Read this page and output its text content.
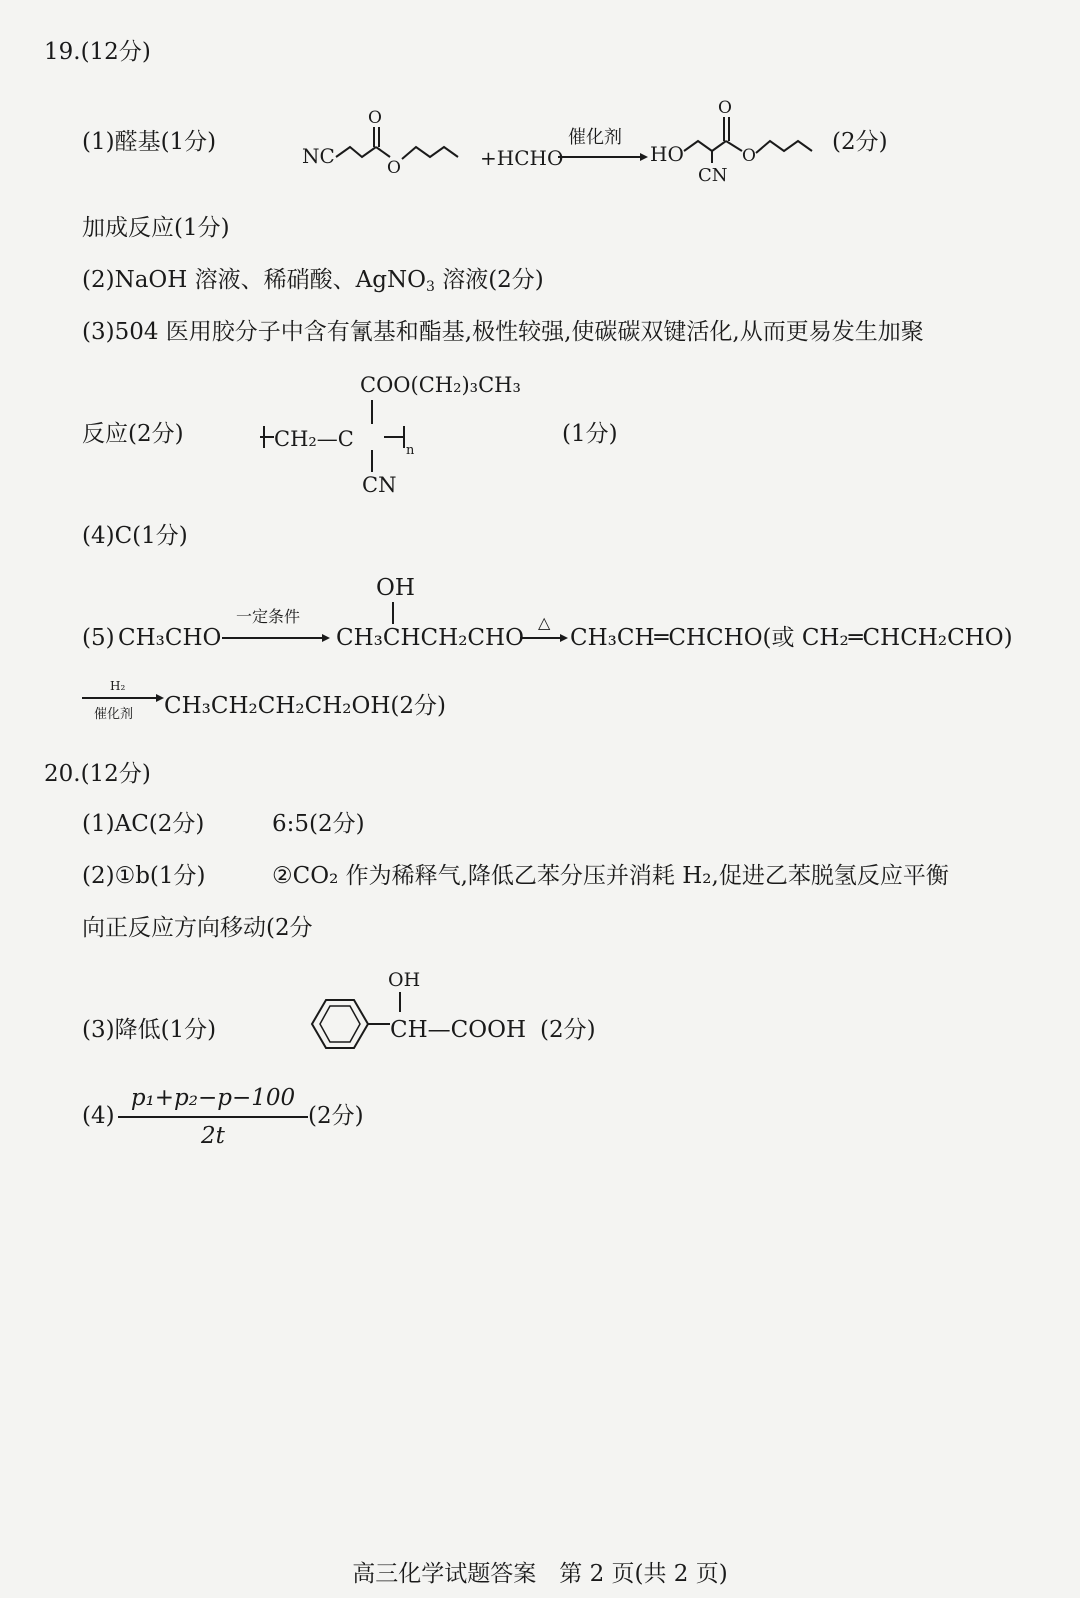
19.(12分)
(1)醛基(1分)
NC
O
O	+HCHO
催化剂
HO
CN
O
O
(2分)
加成反应(1分)
(2)NaOH 溶液、稀硝酸、AgNO$_3$ 溶液(2分)
(3)504 医用胶分子中含有氰基和酯基,极性较强,使碳碳双键活化,从而更易发生加聚
反应(2分)
COO(CH₂)₃CH₃
CH₂—C	n
CN
(1分)
(4)C(1分)
(5) CH₃CHO
一定条件	△
OH
CH₃CHCH₂CHO CH₃CH═CHCHO(或 CH₂═CHCH₂CHO)
H₂
催化剂 CH₃CH₂CH₂CH₂OH(2分)
20.(12分)
(1)AC(2分)	6:5(2分)
(2)①b(1分)	②CO₂ 作为稀释气,降低乙苯分压并消耗 H₂,促进乙苯脱氢反应平衡
向正反应方向移动(2分
(3)降低(1分)
OH
CH—COOH (2分)
(4)
p₁+p₂−p−100
2t
(2分)
高三化学试题答案　第 2 页(共 2 页)
